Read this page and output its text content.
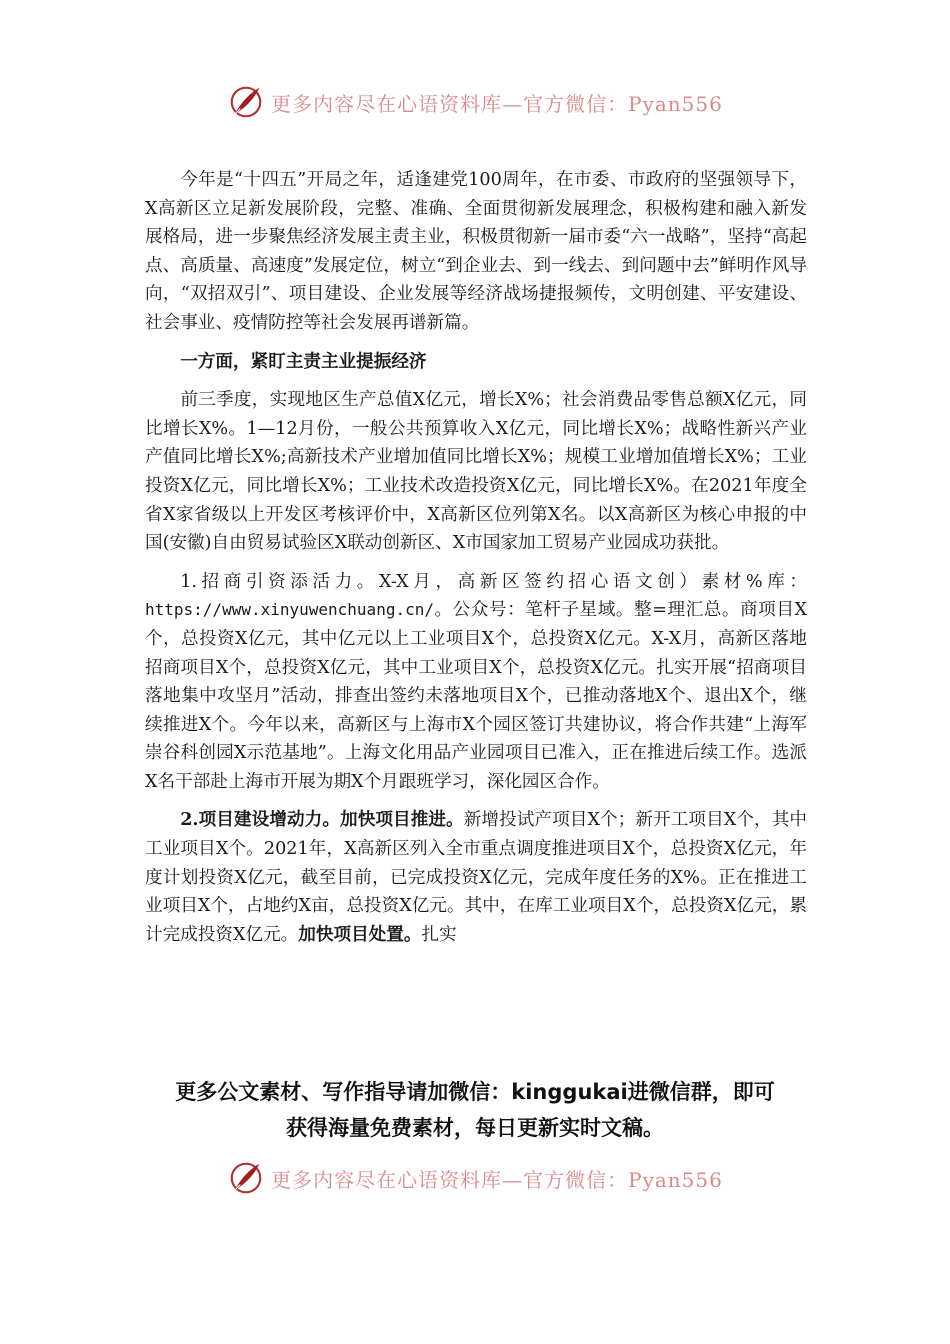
更多内容尽在心语资料库—官方微信：Pyan556

今年是“十四五”开局之年，适逢建党100周年，在市委、市政府的坚强领导下，X高新区立足新发展阶段，完整、准确、全面贯彻新发展理念，积极构建和融入新发展格局，进一步聚焦经济发展主责主业，积极贯彻新一届市委“六一战略”，坚持“高起点、高质量、高速度”发展定位，树立“到企业去、到一线去、到问题中去”鲜明作风导向，“双招双引”、项目建设、企业发展等经济战场捷报频传，文明创建、平安建设、社会事业、疫情防控等社会发展再谱新篇。

一方面，紧盯主责主业提振经济

前三季度，实现地区生产总值X亿元，增长X%；社会消费品零售总额X亿元，同比增长X%。1—12月份，一般公共预算收入X亿元，同比增长X%；战略性新兴产业产值同比增长X%;高新技术产业增加值同比增长X%；规模工业增加值增长X%；工业投资X亿元，同比增长X%；工业技术改造投资X亿元，同比增长X%。在2021年度全省X家省级以上开发区考核评价中，X高新区位列第X名。以X高新区为核心申报的中国(安徽)自由贸易试验区X联动创新区、X市国家加工贸易产业园成功获批。

1.招商引资添活力。X-X月，高新区签约招心语文创）素材%库：https://www.xinyuwenchuang.cn/。公众号：笔杆子星域。整=理汇总。商项目X个，总投资X亿元，其中亿元以上工业项目X个，总投资X亿元。X-X月，高新区落地招商项目X个，总投资X亿元，其中工业项目X个，总投资X亿元。扎实开展“招商项目落地集中攻坚月”活动，排查出签约未落地项目X个，已推动落地X个、退出X个，继续推进X个。今年以来，高新区与上海市X个园区签订共建协议，将合作共建“上海军崇谷科创园X示范基地”。上海文化用品产业园项目已准入，正在推进后续工作。选派X名干部赴上海市开展为期X个月跟班学习，深化园区合作。

2.项目建设增动力。加快项目推进。新增投试产项目X个；新开工项目X个，其中工业项目X个。2021年，X高新区列入全市重点调度推进项目X个，总投资X亿元，年度计划投资X亿元，截至目前，已完成投资X亿元，完成年度任务的X%。正在推进工业项目X个，占地约X亩，总投资X亿元。其中，在库工业项目X个，总投资X亿元，累计完成投资X亿元。加快项目处置。扎实

更多公文素材、写作指导请加微信：kinggukai进微信群，即可
获得海量免费素材，每日更新实时文稿。
更多内容尽在心语资料库—官方微信：Pyan556
